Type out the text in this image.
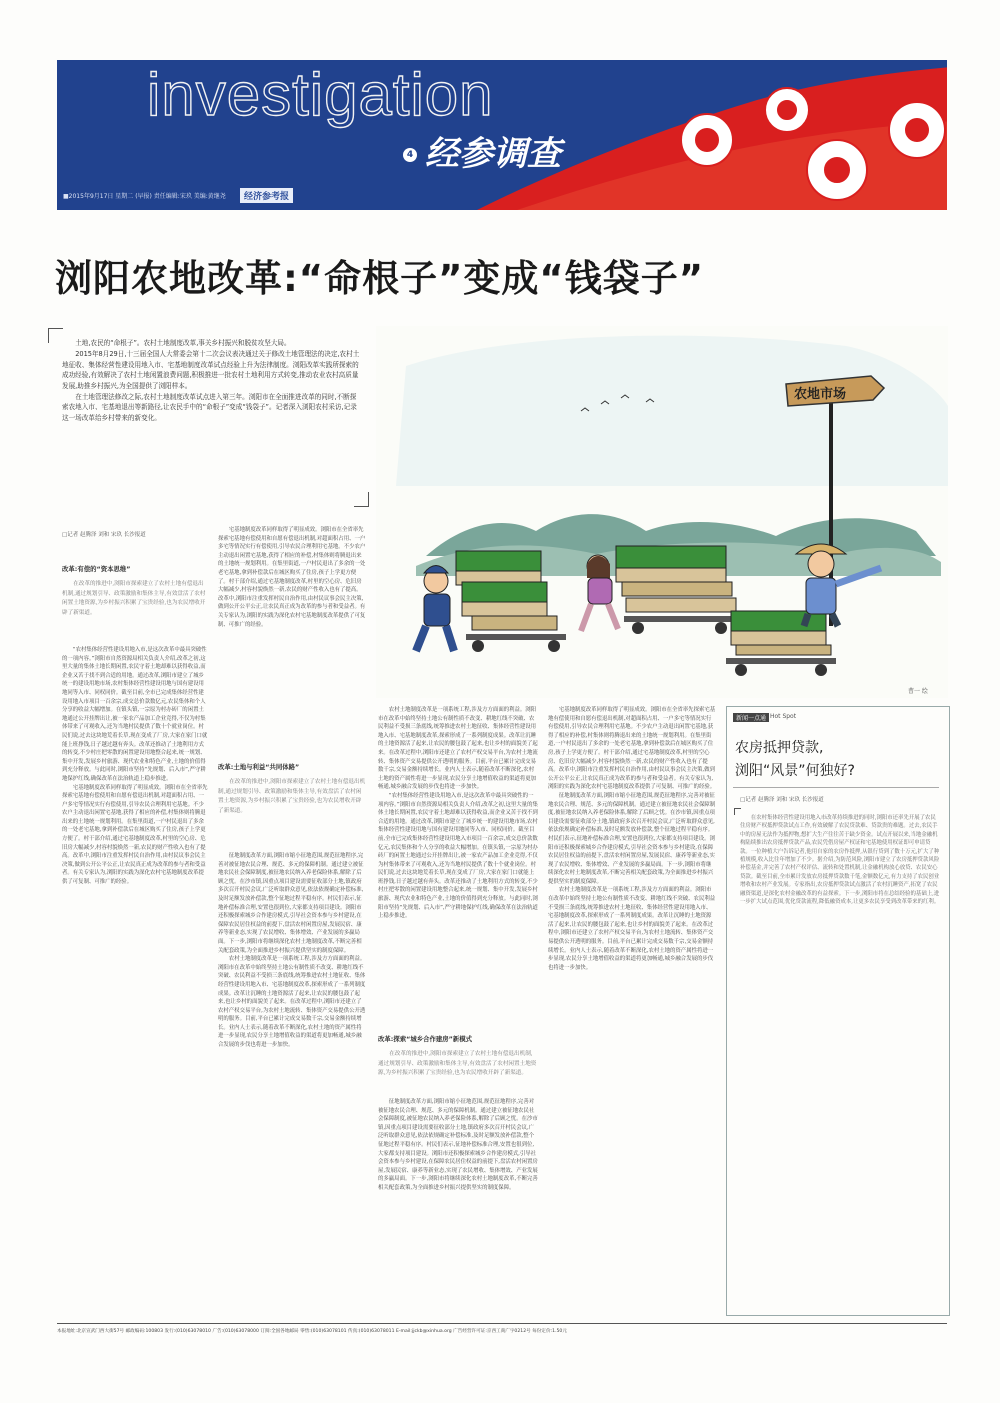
investigation
4 经参调查
■2015年9月17日 星期二 (早报) 责任编辑:宋玖 美编:黄继尧	经济参考报
浏阳农地改革:“命根子”变成“钱袋子”

土地,农民的“命根子”。农村土地制度改革,事关乡村振兴和脱贫攻坚大局。

2015年8月29日,十三届全国人大常委会第十二次会议表决通过关于修改土地管理法的决定,农村土地征收、集体经营性建设用地入市、宅基地制度改革试点经验上升为法律制度。浏阳改革实践所探索的成功经验,有效解决了农村土地闲置浪费问题,积极推进一批农村土地利用方式转变,推动农业农村高质量发展,助推乡村振兴,为全国提供了浏阳样本。

在土地管理法修改之际,农村土地制度改革试点进入第三年。浏阳市在全面推进改革的同时,不断探索农地入市、宅基地退出等新路径,让农民手中的“命根子”变成“钱袋子”。记者深入浏阳农村采访,记录这一场改革给乡村带来的新变化。

农地市场
曹一 绘
□记者 赵腾泽 刘和 宋玖 长沙报道
改革:有偿的“资本思维”

在改革的推进中,浏阳市探索建立了农村土地有偿退出机制,通过规划引导、政策激励和集体主导,有效盘活了农村闲置土地资源,为乡村振兴积累了宝贵经验,也为农民增收开辟了新渠道。

“农村集体经营性建设用地入市,是这次改革中最具突破性的一项内容。”浏阳市自然资源局相关负责人介绍,改革之初,这里大量的集体土地长期闲置,农民守着土地却难以获得收益,而企业又苦于找不到合适的用地。通过改革,浏阳市建立了城乡统一的建设用地市场,农村集体经营性建设用地与国有建设用地同等入市、同权同价。截至目前,全市已完成集体经营性建设用地入市项目一百余宗,成交总价款数亿元,农民集体和个人分享的收益大幅增加。在镇头镇,一宗原为村办砖厂的闲置土地通过公开挂牌出让,被一家农产品加工企业竞得,不仅为村集体带来了可观收入,还为当地村民提供了数十个就业岗位。村民们说,过去这块地荒着长草,现在变成了厂房,大家在家门口就能上班挣钱,日子越过越有奔头。改革还推动了土地利用方式的转变,不少村庄把零散的闲置建设用地整合起来,统一规划、集中开发,发展乡村旅游、现代农业和特色产业,土地的价值得到充分释放。与此同时,浏阳市坚持“先规划、后入市”,严守耕地保护红线,确保改革在法治轨道上稳步推进。

宅基地制度改革同样取得了明显成效。浏阳市在全省率先探索宅基地有偿使用和自愿有偿退出机制,对超面积占用、一户多宅等情况实行有偿使用,引导农民合理利用宅基地。不少农户主动退出闲置宅基地,获得了相应的补偿,村集体则将腾退出来的土地统一规划利用。在集里街道,一户村民退出了多余的一处老宅基地,拿到补偿款后在城区购买了住房,孩子上学更方便了。村干部介绍,通过宅基地制度改革,村里的空心房、危旧房大幅减少,村容村貌焕然一新,农民的财产性收入也有了提高。改革中,浏阳市注重发挥村民自治作用,由村民议事会民主决策,做到公开公平公正,让农民真正成为改革的参与者和受益者。有关专家认为,浏阳的实践为深化农村宅基地制度改革提供了可复制、可推广的经验。

宅基地制度改革同样取得了明显成效。浏阳市在全省率先探索宅基地有偿使用和自愿有偿退出机制,对超面积占用、一户多宅等情况实行有偿使用,引导农民合理利用宅基地。不少农户主动退出闲置宅基地,获得了相应的补偿,村集体则将腾退出来的土地统一规划利用。在集里街道,一户村民退出了多余的一处老宅基地,拿到补偿款后在城区购买了住房,孩子上学更方便了。村干部介绍,通过宅基地制度改革,村里的空心房、危旧房大幅减少,村容村貌焕然一新,农民的财产性收入也有了提高。改革中,浏阳市注重发挥村民自治作用,由村民议事会民主决策,做到公开公平公正,让农民真正成为改革的参与者和受益者。有关专家认为,浏阳的实践为深化农村宅基地制度改革提供了可复制、可推广的经验。

改革:土地与利益“共同体路”

在改革的推进中,浏阳市探索建立了农村土地有偿退出机制,通过规划引导、政策激励和集体主导,有效盘活了农村闲置土地资源,为乡村振兴积累了宝贵经验,也为农民增收开辟了新渠道。

征地制度改革方面,浏阳市缩小征地范围,规范征地程序,完善对被征地农民合理、规范、多元的保障机制。通过建立被征地农民社会保障制度,被征地农民纳入养老保险体系,解除了后顾之忧。在沙市镇,因重点项目建设需要征收部分土地,镇政府多次召开村民会议,广泛听取群众意见,依法依规确定补偿标准,及时足额发放补偿款,整个征地过程平稳有序。村民们表示,征地补偿标准合理,安置也很到位,大家都支持项目建设。浏阳市还积极探索城乡合作建房模式,引导社会资本参与乡村建设,在保障农民居住权益的前提下,盘活农村闲置房屋,发展民宿、康养等新业态,实现了农民增收、集体增效、产业发展的多赢局面。下一步,浏阳市将继续深化农村土地制度改革,不断完善相关配套政策,为全面推进乡村振兴提供坚实的制度保障。

农村土地制度改革是一项系统工程,涉及方方面面的利益。浏阳市在改革中始终坚持土地公有制性质不改变、耕地红线不突破、农民利益不受损三条底线,统筹推进农村土地征收、集体经营性建设用地入市、宅基地制度改革,探索形成了一系列制度成果。改革让沉睡的土地资源活了起来,让农民的腰包鼓了起来,也让乡村的面貌美了起来。在改革过程中,浏阳市还建立了农村产权交易平台,为农村土地流转、集体资产交易提供公开透明的服务。目前,平台已累计完成交易数千宗,交易金额持续增长。业内人士表示,随着改革不断深化,农村土地的资产属性将进一步显现,农民分享土地增值收益的渠道将更加畅通,城乡融合发展的步伐也将进一步加快。

农村土地制度改革是一项系统工程,涉及方方面面的利益。浏阳市在改革中始终坚持土地公有制性质不改变、耕地红线不突破、农民利益不受损三条底线,统筹推进农村土地征收、集体经营性建设用地入市、宅基地制度改革,探索形成了一系列制度成果。改革让沉睡的土地资源活了起来,让农民的腰包鼓了起来,也让乡村的面貌美了起来。在改革过程中,浏阳市还建立了农村产权交易平台,为农村土地流转、集体资产交易提供公开透明的服务。目前,平台已累计完成交易数千宗,交易金额持续增长。业内人士表示,随着改革不断深化,农村土地的资产属性将进一步显现,农民分享土地增值收益的渠道将更加畅通,城乡融合发展的步伐也将进一步加快。

“农村集体经营性建设用地入市,是这次改革中最具突破性的一项内容。”浏阳市自然资源局相关负责人介绍,改革之初,这里大量的集体土地长期闲置,农民守着土地却难以获得收益,而企业又苦于找不到合适的用地。通过改革,浏阳市建立了城乡统一的建设用地市场,农村集体经营性建设用地与国有建设用地同等入市、同权同价。截至目前,全市已完成集体经营性建设用地入市项目一百余宗,成交总价款数亿元,农民集体和个人分享的收益大幅增加。在镇头镇,一宗原为村办砖厂的闲置土地通过公开挂牌出让,被一家农产品加工企业竞得,不仅为村集体带来了可观收入,还为当地村民提供了数十个就业岗位。村民们说,过去这块地荒着长草,现在变成了厂房,大家在家门口就能上班挣钱,日子越过越有奔头。改革还推动了土地利用方式的转变,不少村庄把零散的闲置建设用地整合起来,统一规划、集中开发,发展乡村旅游、现代农业和特色产业,土地的价值得到充分释放。与此同时,浏阳市坚持“先规划、后入市”,严守耕地保护红线,确保改革在法治轨道上稳步推进。

改革:探索“城乡合作建房”新模式

在改革的推进中,浏阳市探索建立了农村土地有偿退出机制,通过规划引导、政策激励和集体主导,有效盘活了农村闲置土地资源,为乡村振兴积累了宝贵经验,也为农民增收开辟了新渠道。

征地制度改革方面,浏阳市缩小征地范围,规范征地程序,完善对被征地农民合理、规范、多元的保障机制。通过建立被征地农民社会保障制度,被征地农民纳入养老保险体系,解除了后顾之忧。在沙市镇,因重点项目建设需要征收部分土地,镇政府多次召开村民会议,广泛听取群众意见,依法依规确定补偿标准,及时足额发放补偿款,整个征地过程平稳有序。村民们表示,征地补偿标准合理,安置也很到位,大家都支持项目建设。浏阳市还积极探索城乡合作建房模式,引导社会资本参与乡村建设,在保障农民居住权益的前提下,盘活农村闲置房屋,发展民宿、康养等新业态,实现了农民增收、集体增效、产业发展的多赢局面。下一步,浏阳市将继续深化农村土地制度改革,不断完善相关配套政策,为全面推进乡村振兴提供坚实的制度保障。

宅基地制度改革同样取得了明显成效。浏阳市在全省率先探索宅基地有偿使用和自愿有偿退出机制,对超面积占用、一户多宅等情况实行有偿使用,引导农民合理利用宅基地。不少农户主动退出闲置宅基地,获得了相应的补偿,村集体则将腾退出来的土地统一规划利用。在集里街道,一户村民退出了多余的一处老宅基地,拿到补偿款后在城区购买了住房,孩子上学更方便了。村干部介绍,通过宅基地制度改革,村里的空心房、危旧房大幅减少,村容村貌焕然一新,农民的财产性收入也有了提高。改革中,浏阳市注重发挥村民自治作用,由村民议事会民主决策,做到公开公平公正,让农民真正成为改革的参与者和受益者。有关专家认为,浏阳的实践为深化农村宅基地制度改革提供了可复制、可推广的经验。

征地制度改革方面,浏阳市缩小征地范围,规范征地程序,完善对被征地农民合理、规范、多元的保障机制。通过建立被征地农民社会保障制度,被征地农民纳入养老保险体系,解除了后顾之忧。在沙市镇,因重点项目建设需要征收部分土地,镇政府多次召开村民会议,广泛听取群众意见,依法依规确定补偿标准,及时足额发放补偿款,整个征地过程平稳有序。村民们表示,征地补偿标准合理,安置也很到位,大家都支持项目建设。浏阳市还积极探索城乡合作建房模式,引导社会资本参与乡村建设,在保障农民居住权益的前提下,盘活农村闲置房屋,发展民宿、康养等新业态,实现了农民增收、集体增效、产业发展的多赢局面。下一步,浏阳市将继续深化农村土地制度改革,不断完善相关配套政策,为全面推进乡村振兴提供坚实的制度保障。

农村土地制度改革是一项系统工程,涉及方方面面的利益。浏阳市在改革中始终坚持土地公有制性质不改变、耕地红线不突破、农民利益不受损三条底线,统筹推进农村土地征收、集体经营性建设用地入市、宅基地制度改革,探索形成了一系列制度成果。改革让沉睡的土地资源活了起来,让农民的腰包鼓了起来,也让乡村的面貌美了起来。在改革过程中,浏阳市还建立了农村产权交易平台,为农村土地流转、集体资产交易提供公开透明的服务。目前,平台已累计完成交易数千宗,交易金额持续增长。业内人士表示,随着改革不断深化,农村土地的资产属性将进一步显现,农民分享土地增值收益的渠道将更加畅通,城乡融合发展的步伐也将进一步加快。

新闻一点通 Hot Spot
农房抵押贷款,
浏阳“风景”何独好?
□记者 赵腾泽 刘和 宋玖 长沙报道

在农村集体经营性建设用地入市改革持续推进的同时,浏阳市还率先开展了农民住房财产权抵押贷款试点工作,有效破解了农民贷款难、贷款贵的难题。过去,农民手中的房屋无法作为抵押物,想扩大生产往往苦于缺少资金。试点开展以来,当地金融机构陆续推出农房抵押贷款产品,农民凭借房屋产权证和宅基地使用权证即可申请贷款。一位种植大户告诉记者,他用自家的农房作抵押,从银行贷到了数十万元,扩大了种植规模,收入比往年增加了不少。据介绍,为防范风险,浏阳市建立了农房抵押贷款风险补偿基金,并完善了农村产权评估、流转和处置机制,让金融机构放心放贷、农民安心贷款。截至目前,全市累计发放农房抵押贷款数千笔,金额数亿元,有力支持了农民创业增收和农村产业发展。专家指出,农房抵押贷款试点激活了农村沉睡资产,拓宽了农民融资渠道,是深化农村金融改革的有益探索。下一步,浏阳市将在总结经验的基础上,进一步扩大试点范围,优化贷款流程,降低融资成本,让更多农民享受到改革带来的红利。

本报地址:北京宣武门西大街57号 邮政编码:100803 发行:(010)63078010 广告:(010)63078000 订阅:全国各地邮局 零售:(010)63078101 传真:(010)63078011 E-mail:jjckb@xinhua.org 广告经营许可证:京西工商广字0212号 每份定价:1.50元
